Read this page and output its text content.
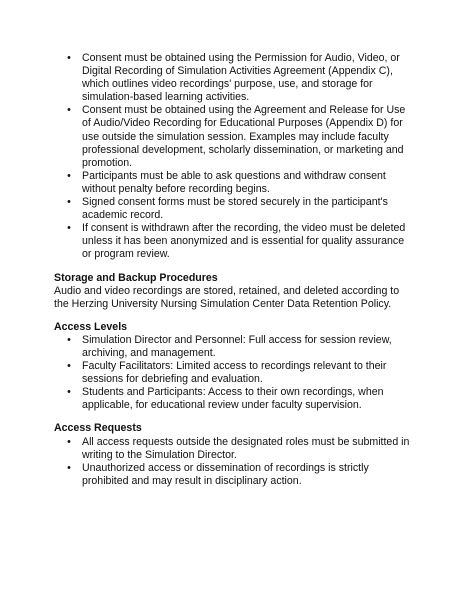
• Consent must be obtained using the Permission for Audio, Video, or Digital Recording of Simulation Activities Agreement (Appendix C), which outlines video recordings' purpose, use, and storage for simulation-based learning activities.
• Consent must be obtained using the Agreement and Release for Use of Audio/Video Recording for Educational Purposes (Appendix D) for use outside the simulation session. Examples may include faculty professional development, scholarly dissemination, or marketing and promotion.
• Participants must be able to ask questions and withdraw consent without penalty before recording begins.
• Signed consent forms must be stored securely in the participant's academic record.
• If consent is withdrawn after the recording, the video must be deleted unless it has been anonymized and is essential for quality assurance or program review.

Storage and Backup Procedures

Audio and video recordings are stored, retained, and deleted according to the Herzing University Nursing Simulation Center Data Retention Policy.

Access Levels

• Simulation Director and Personnel: Full access for session review, archiving, and management.
• Faculty Facilitators: Limited access to recordings relevant to their sessions for debriefing and evaluation.
• Students and Participants: Access to their own recordings, when applicable, for educational review under faculty supervision.

Access Requests

• All access requests outside the designated roles must be submitted in writing to the Simulation Director.
• Unauthorized access or dissemination of recordings is strictly prohibited and may result in disciplinary action.
